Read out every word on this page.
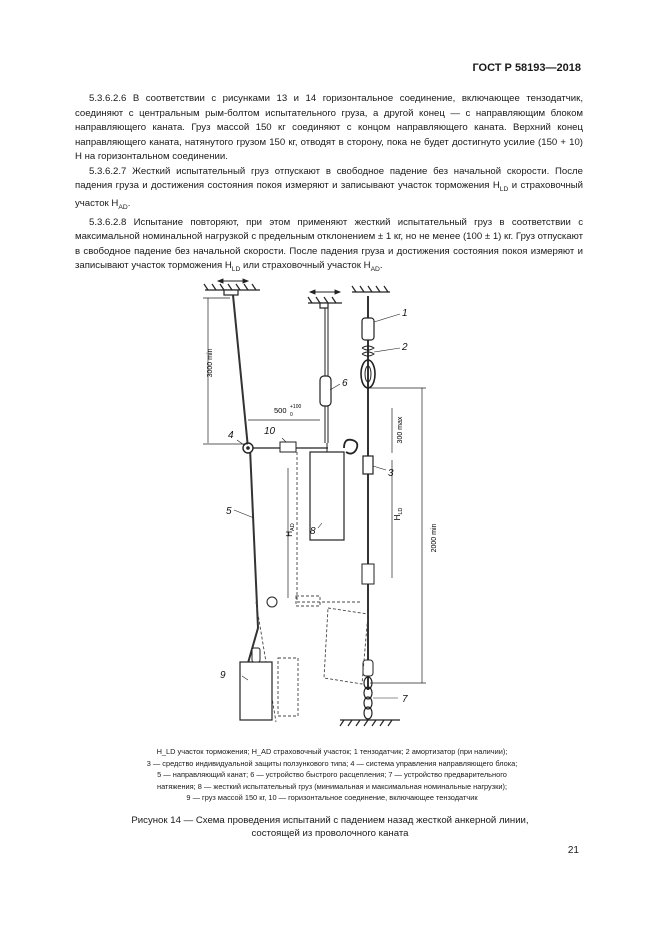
ГОСТ Р 58193—2018

5.3.6.2.6 В соответствии с рисунками 13 и 14 горизонтальное соединение, включающее тензодатчик, соединяют с центральным рым-болтом испытательного груза, а другой конец — с направляющим блоком направляющего каната. Груз массой 150 кг соединяют с концом направляющего каната. Верхний конец направляющего каната, натянутого грузом 150 кг, отводят в сторону, пока не будет достигнуто усилие (150 + 10) Н на горизонтальном соединении.

5.3.6.2.7 Жесткий испытательный груз отпускают в свободное падение без начальной скорости. После падения груза и достижения состояния покоя измеряют и записывают участок торможения $H_{LD}$ и страховочный участок $H_{AD}$.

5.3.6.2.8 Испытание повторяют, при этом применяют жесткий испытательный груз в соответствии с максимальной номинальной нагрузкой с предельным отклонением ± 1 кг, но не менее (100 ± 1) кг. Груз отпускают в свободное падение без начальной скорости. После падения груза и достижения состояния покоя измеряют и записывают участок торможения $H_{LD}$ или страховочный участок $H_{AD}$.

3000 min
500 +100
0
300 max
2000 min
$H_{AD}$
$H_{LD}$
1
2
3
4
5
6
7
8
9
10
H_LD участок торможения; H_AD страховочный участок; 1 тензодатчик; 2 амортизатор (при наличии);
3 — средство индивидуальной защиты ползункового типа; 4 — система управления направляющего блока;
5 — направляющий канат; 6 — устройство быстрого расцепления; 7 — устройство предварительного
натяжения; 8 — жесткий испытательный груз (минимальная и максимальная номинальные нагрузки);
9 — груз массой 150 кг, 10 — горизонтальное соединение, включающее тензодатчик
Рисунок 14 — Схема проведения испытаний с падением назад жесткой анкерной линии, состоящей из проволочного каната
21
